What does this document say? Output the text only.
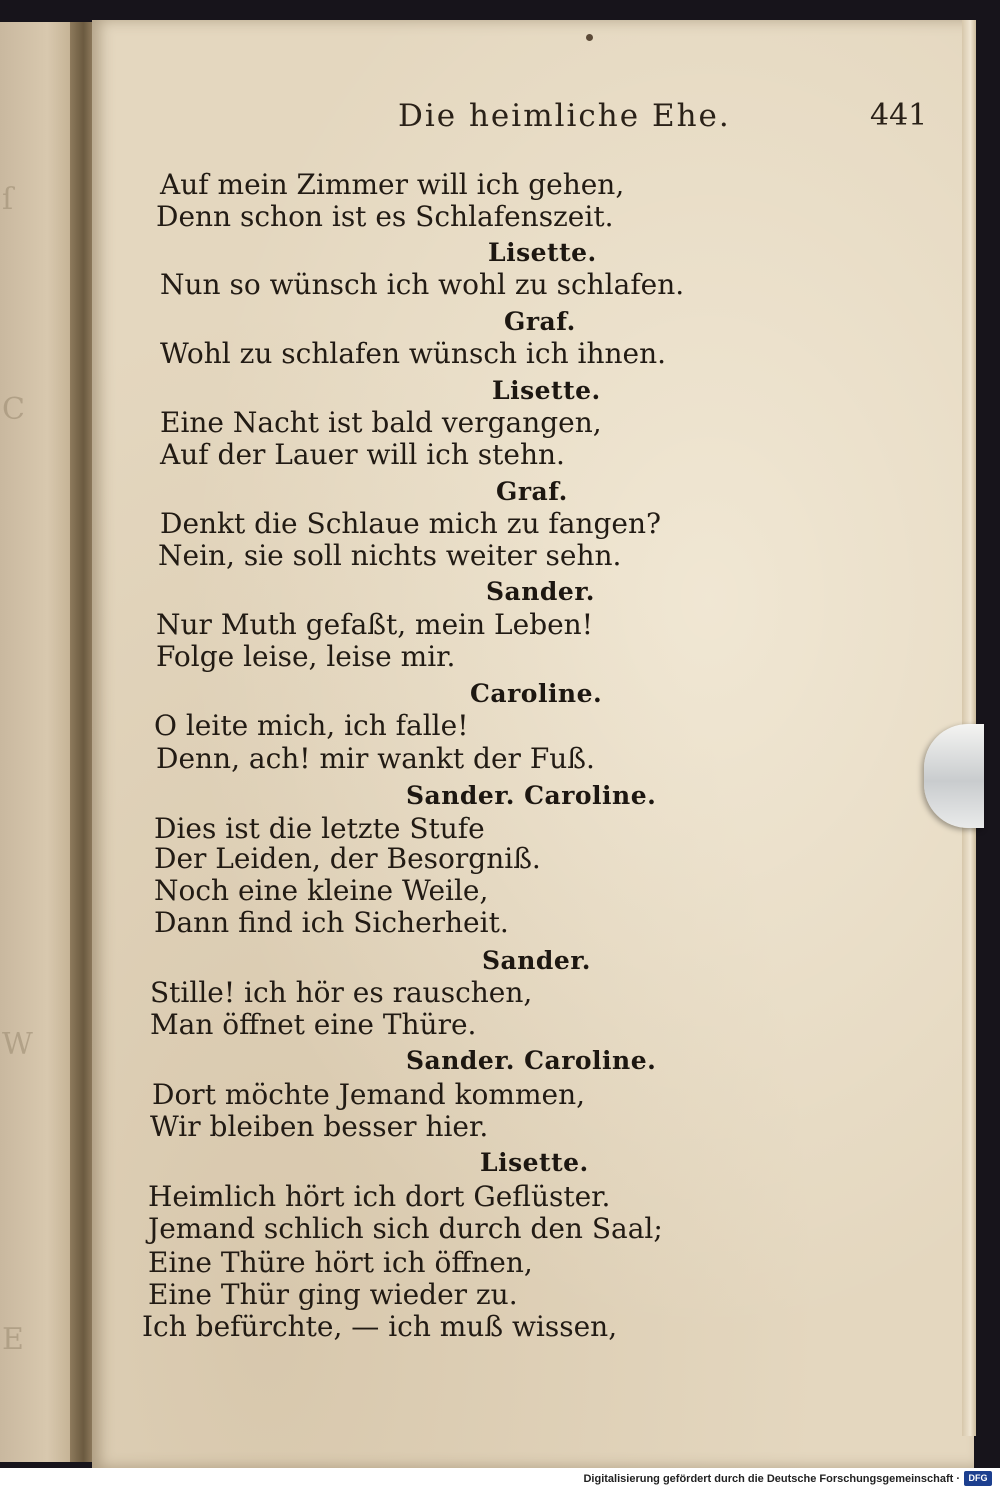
ſ
C
W
E
Die heimliche Ehe.	441
Auf mein Zimmer will ich gehen,
Denn schon ist es Schlafenszeit.
Lisette.
Nun so wünsch ich wohl zu schlafen.
Graf.
Wohl zu schlafen wünsch ich ihnen.
Lisette.
Eine Nacht ist bald vergangen,
Auf der Lauer will ich stehn.
Graf.
Denkt die Schlaue mich zu fangen?
Nein, sie soll nichts weiter sehn.
Sander.
Nur Muth gefaßt, mein Leben!
Folge leise, leise mir.
Caroline.
O leite mich, ich falle!
Denn, ach! mir wankt der Fuß.
Sander. Caroline.
Dies ist die letzte Stufe
Der Leiden, der Besorgniß.
Noch eine kleine Weile,
Dann find ich Sicherheit.
Sander.
Stille! ich hör es rauschen,
Man öffnet eine Thüre.
Sander. Caroline.
Dort möchte Jemand kommen,
Wir bleiben besser hier.
Lisette.
Heimlich hört ich dort Geflüster.
Jemand schlich sich durch den Saal;
Eine Thüre hört ich öffnen,
Eine Thür ging wieder zu.
Ich befürchte, — ich muß wissen,
Digitalisierung gefördert durch die Deutsche Forschungsgemeinschaft · DFG
